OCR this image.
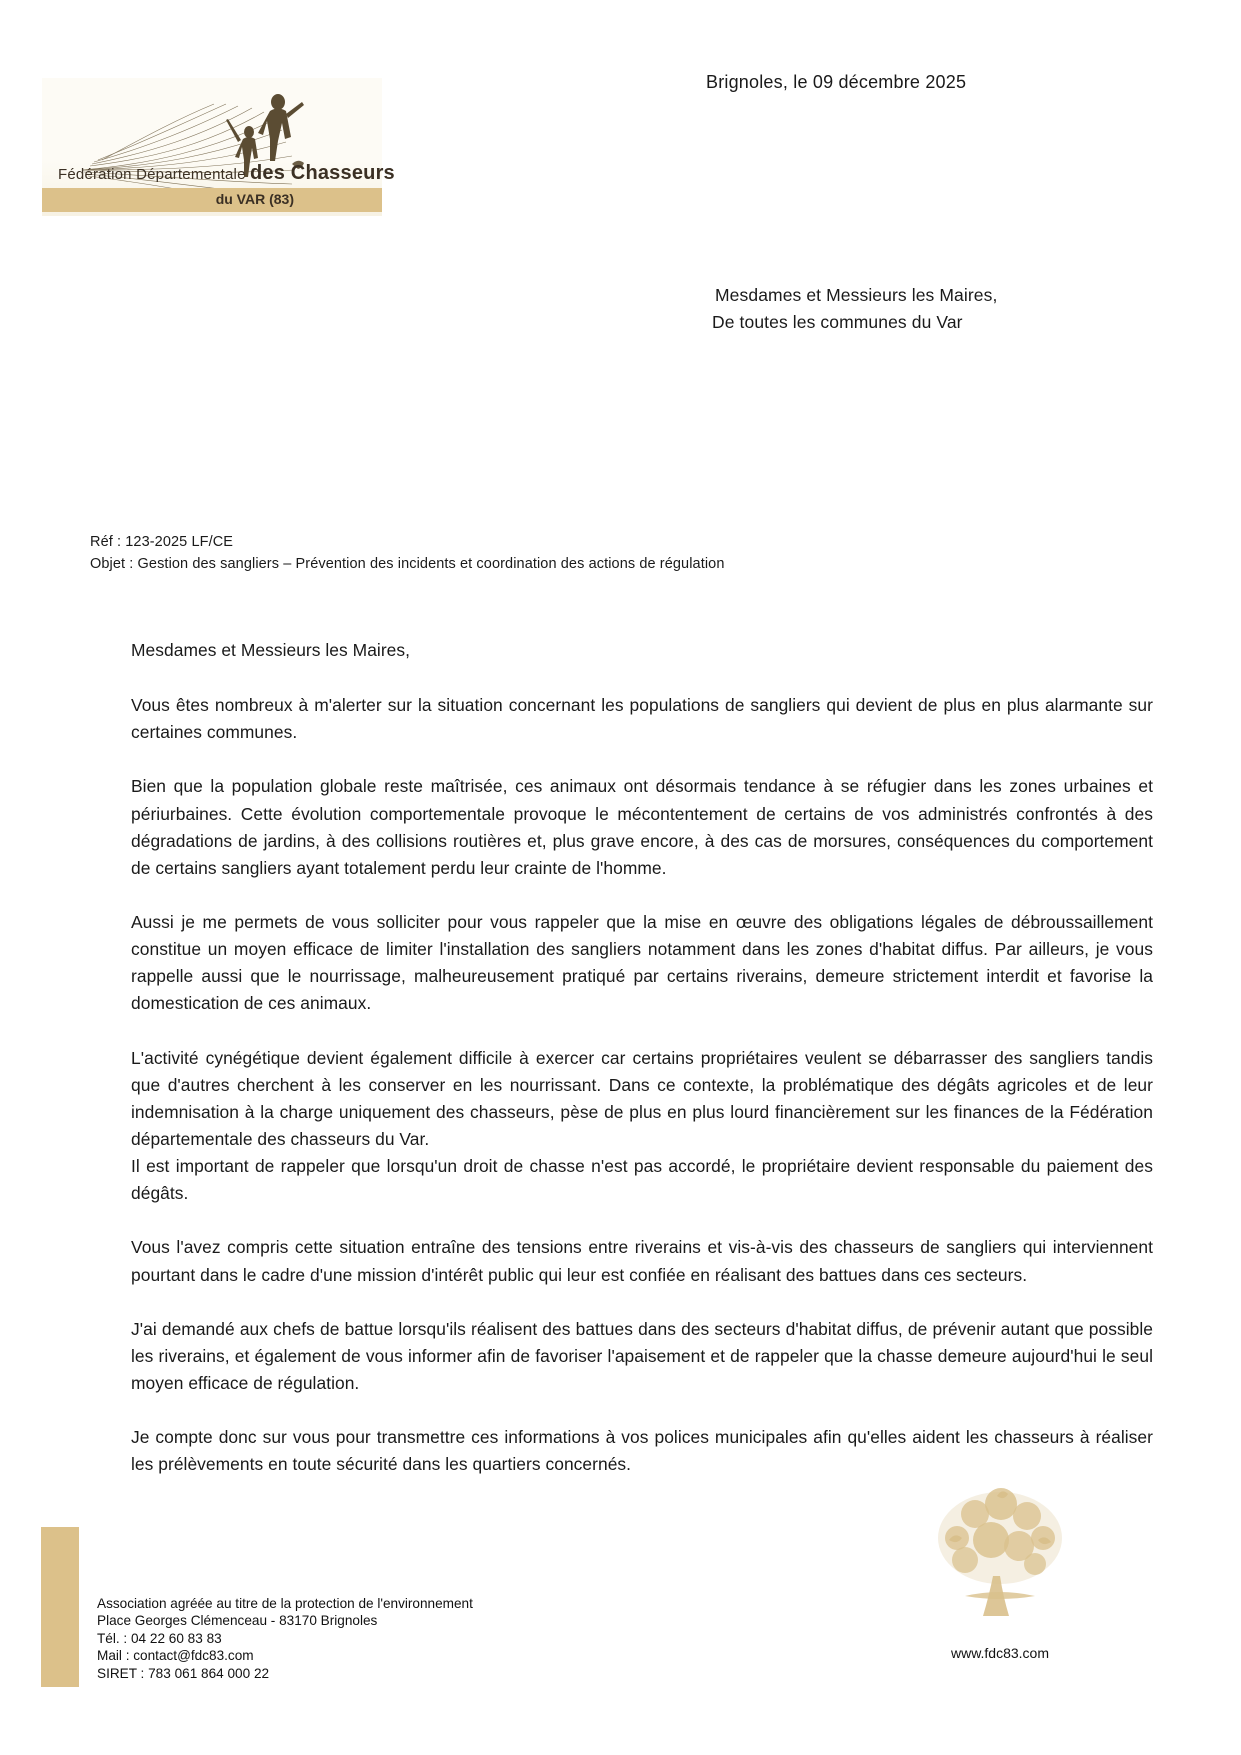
Fédération Départementale des Chasseurs
du VAR (83)
Brignoles, le 09 décembre 2025
Mesdames et Messieurs les Maires,
De toutes les communes du Var
Réf : 123-2025 LF/CE
Objet : Gestion des sangliers – Prévention des incidents et coordination des actions de régulation
Mesdames et Messieurs les Maires,

Vous êtes nombreux à m'alerter sur la situation concernant les populations de sangliers qui devient de plus en plus alarmante sur certaines communes.

Bien que la population globale reste maîtrisée, ces animaux ont désormais tendance à se réfugier dans les zones urbaines et périurbaines. Cette évolution comportementale provoque le mécontentement de certains de vos administrés confrontés à des dégradations de jardins, à des collisions routières et, plus grave encore, à des cas de morsures, conséquences du comportement de certains sangliers ayant totalement perdu leur crainte de l'homme.

Aussi je me permets de vous solliciter pour vous rappeler que la mise en œuvre des obligations légales de débroussaillement constitue un moyen efficace de limiter l'installation des sangliers notamment dans les zones d'habitat diffus. Par ailleurs, je vous rappelle aussi que le nourrissage, malheureusement pratiqué par certains riverains, demeure strictement interdit et favorise la domestication de ces animaux.

L'activité cynégétique devient également difficile à exercer car certains propriétaires veulent se débarrasser des sangliers tandis que d'autres cherchent à les conserver en les nourrissant. Dans ce contexte, la problématique des dégâts agricoles et de leur indemnisation à la charge uniquement des chasseurs, pèse de plus en plus lourd financièrement sur les finances de la Fédération départementale des chasseurs du Var.

Il est important de rappeler que lorsqu'un droit de chasse n'est pas accordé, le propriétaire devient responsable du paiement des dégâts.

Vous l'avez compris cette situation entraîne des tensions entre riverains et vis-à-vis des chasseurs de sangliers qui interviennent pourtant dans le cadre d'une mission d'intérêt public qui leur est confiée en réalisant des battues dans ces secteurs.

J'ai demandé aux chefs de battue lorsqu'ils réalisent des battues dans des secteurs d'habitat diffus, de prévenir autant que possible les riverains, et également de vous informer afin de favoriser l'apaisement et de rappeler que la chasse demeure aujourd'hui le seul moyen efficace de régulation.

Je compte donc sur vous pour transmettre ces informations à vos polices municipales afin qu'elles aident les chasseurs à réaliser les prélèvements en toute sécurité dans les quartiers concernés.

Association agréée au titre de la protection de l'environnement
Place Georges Clémenceau - 83170 Brignoles
Tél. : 04 22 60 83 83
Mail : contact@fdc83.com
SIRET : 783 061 864 000 22
www.fdc83.com
